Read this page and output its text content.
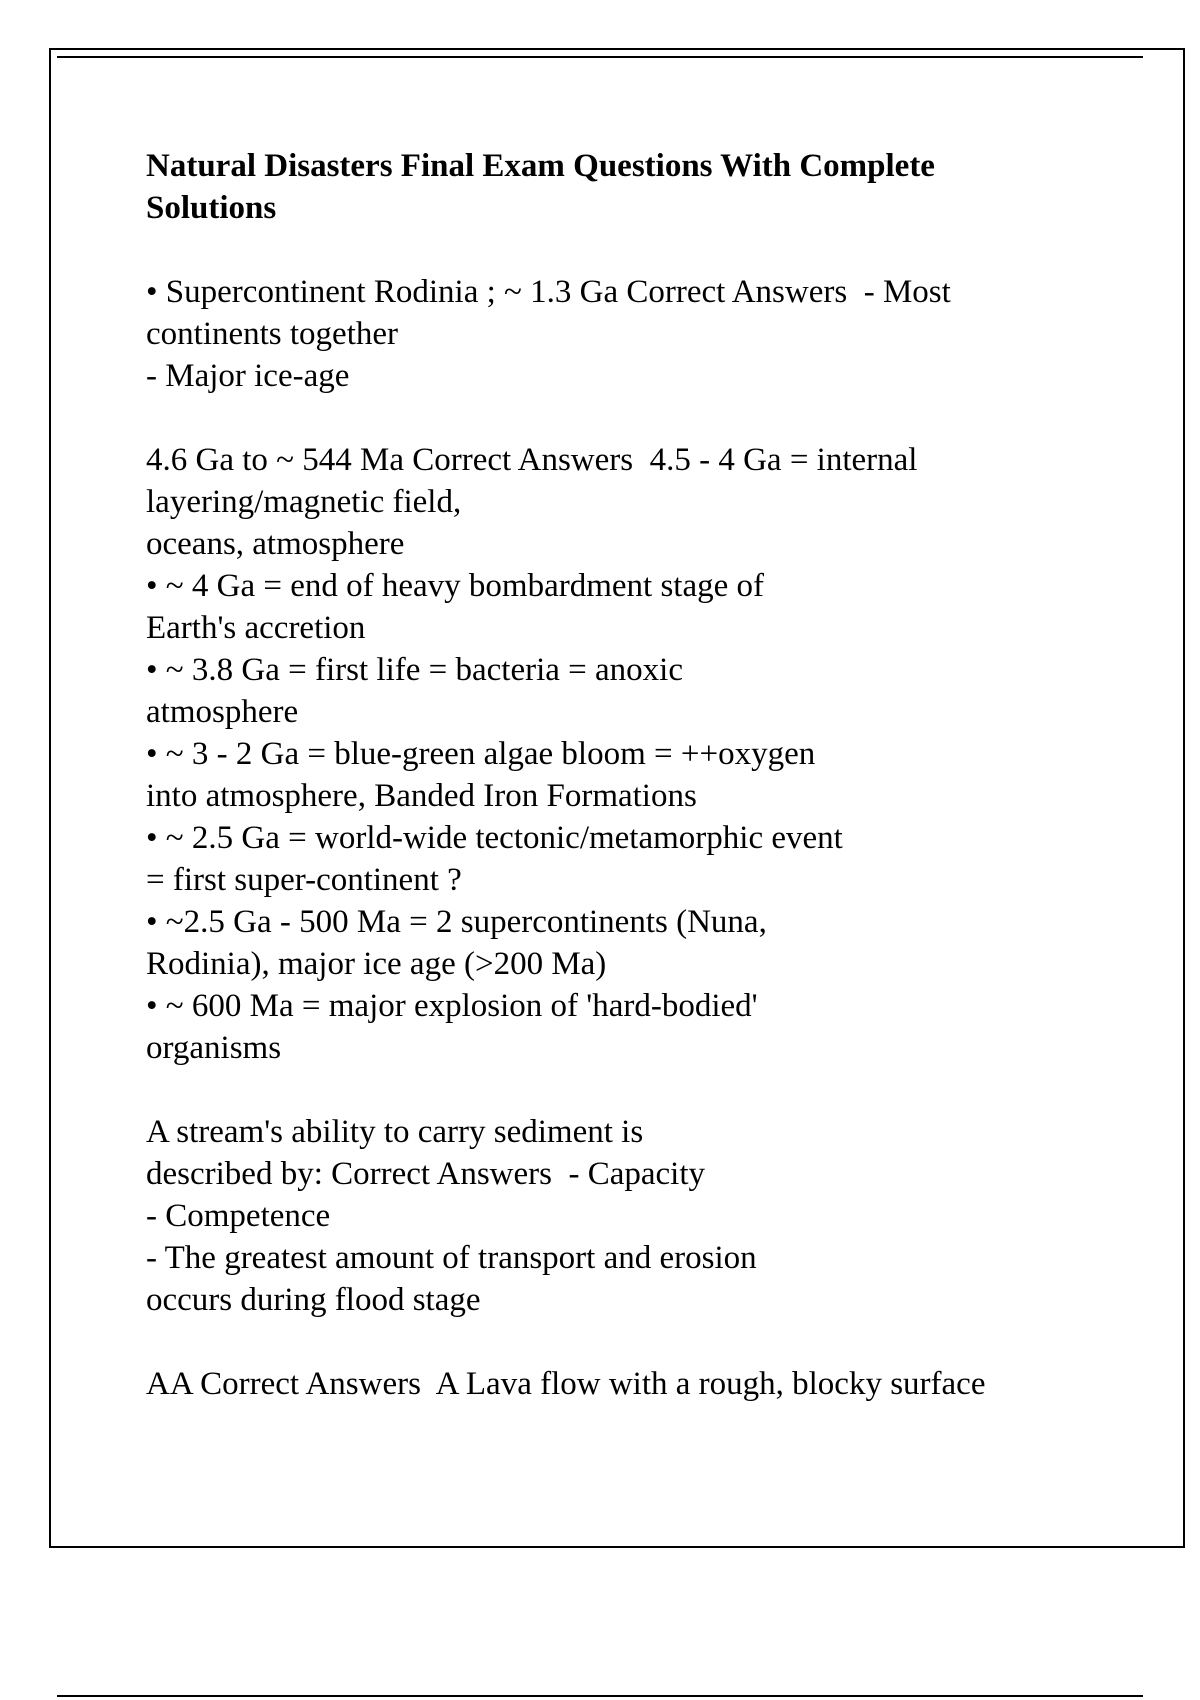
Natural Disasters Final Exam Questions With Complete
Solutions
• Supercontinent Rodinia ; ~ 1.3 Ga Correct Answers  - Most
continents together
- Major ice-age
4.6 Ga to ~ 544 Ma Correct Answers  4.5 - 4 Ga = internal
layering/magnetic field,
oceans, atmosphere
• ~ 4 Ga = end of heavy bombardment stage of
Earth's accretion
• ~ 3.8 Ga = first life = bacteria = anoxic
atmosphere
• ~ 3 - 2 Ga = blue-green algae bloom = ++oxygen
into atmosphere, Banded Iron Formations
• ~ 2.5 Ga = world-wide tectonic/metamorphic event
= first super-continent ?
• ~2.5 Ga - 500 Ma = 2 supercontinents (Nuna,
Rodinia), major ice age (>200 Ma)
• ~ 600 Ma = major explosion of 'hard-bodied'
organisms
A stream's ability to carry sediment is
described by: Correct Answers  - Capacity
- Competence
- The greatest amount of transport and erosion
occurs during flood stage
AA Correct Answers  A Lava flow with a rough, blocky surface
